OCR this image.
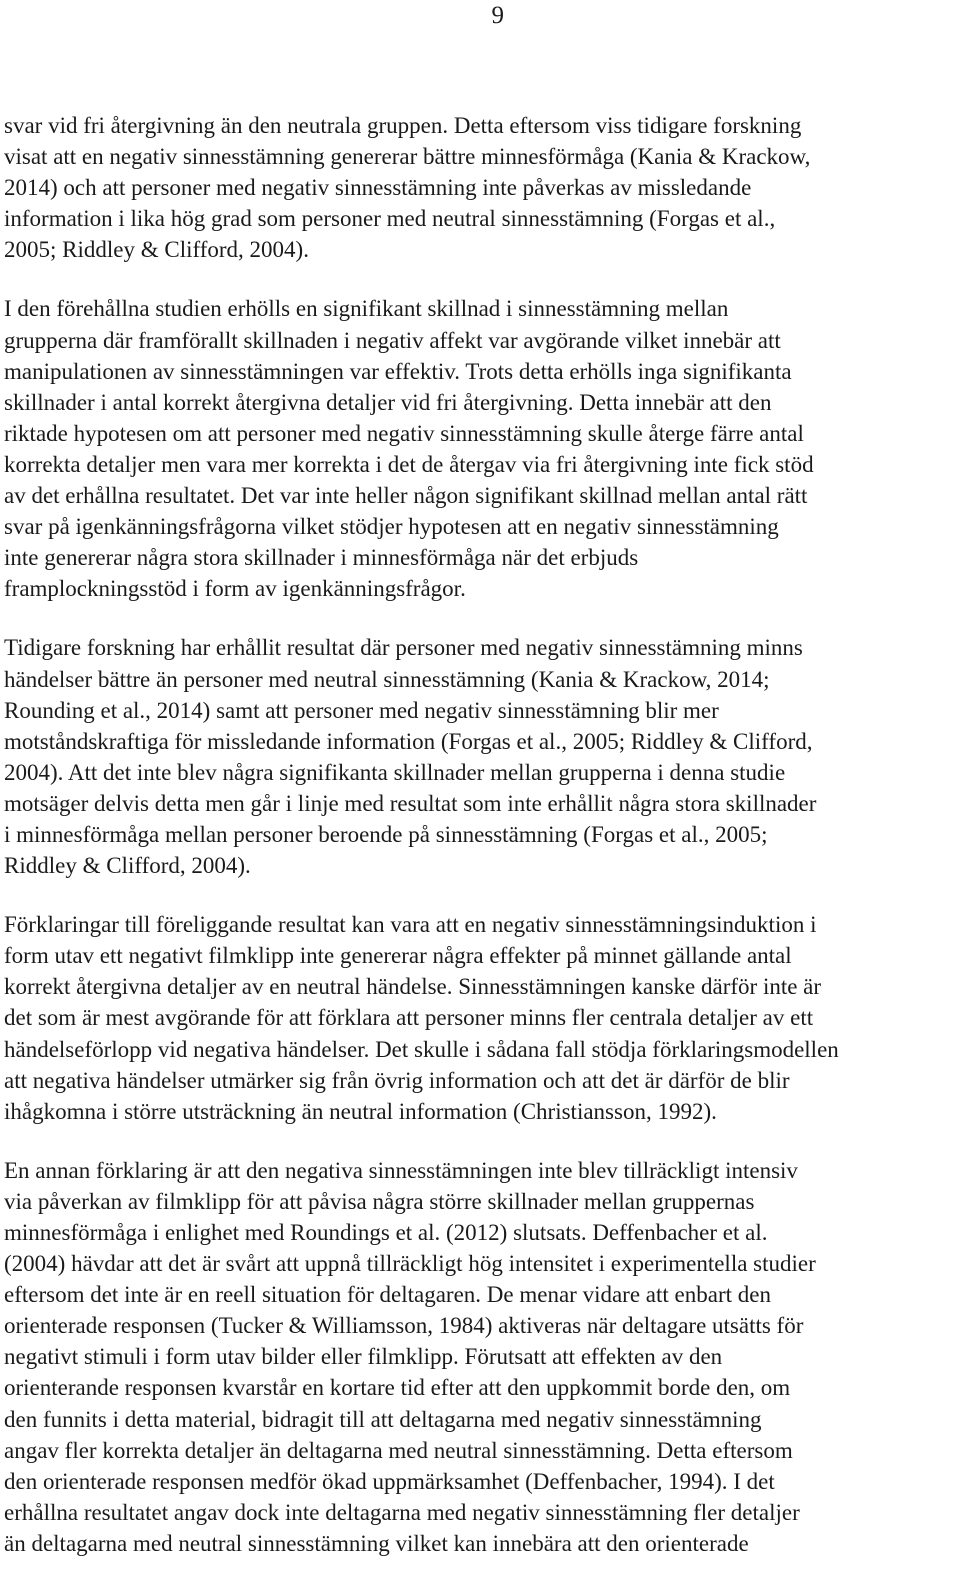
9

svar vid fri återgivning än den neutrala gruppen. Detta eftersom viss tidigare forskning
visat att en negativ sinnesstämning genererar bättre minnesförmåga (Kania & Krackow,
2014) och att personer med negativ sinnesstämning inte påverkas av missledande
information i lika hög grad som personer med neutral sinnesstämning (Forgas et al.,
2005; Riddley & Clifford, 2004).

I den förehållna studien erhölls en signifikant skillnad i sinnesstämning mellan
grupperna där framförallt skillnaden i negativ affekt var avgörande vilket innebär att
manipulationen av sinnesstämningen var effektiv. Trots detta erhölls inga signifikanta
skillnader i antal korrekt återgivna detaljer vid fri återgivning. Detta innebär att den
riktade hypotesen om att personer med negativ sinnesstämning skulle återge färre antal
korrekta detaljer men vara mer korrekta i det de återgav via fri återgivning inte fick stöd
av det erhållna resultatet. Det var inte heller någon signifikant skillnad mellan antal rätt
svar på igenkänningsfrågorna vilket stödjer hypotesen att en negativ sinnesstämning
inte genererar några stora skillnader i minnesförmåga när det erbjuds
framplockningsstöd i form av igenkänningsfrågor.

Tidigare forskning har erhållit resultat där personer med negativ sinnesstämning minns
händelser bättre än personer med neutral sinnesstämning (Kania & Krackow, 2014;
Rounding et al., 2014) samt att personer med negativ sinnesstämning blir mer
motståndskraftiga för missledande information (Forgas et al., 2005; Riddley & Clifford,
2004). Att det inte blev några signifikanta skillnader mellan grupperna i denna studie
motsäger delvis detta men går i linje med resultat som inte erhållit några stora skillnader
i minnesförmåga mellan personer beroende på sinnesstämning (Forgas et al., 2005;
Riddley & Clifford, 2004).

Förklaringar till föreliggande resultat kan vara att en negativ sinnesstämningsinduktion i
form utav ett negativt filmklipp inte genererar några effekter på minnet gällande antal
korrekt återgivna detaljer av en neutral händelse. Sinnesstämningen kanske därför inte är
det som är mest avgörande för att förklara att personer minns fler centrala detaljer av ett
händelseförlopp vid negativa händelser. Det skulle i sådana fall stödja förklaringsmodellen
att negativa händelser utmärker sig från övrig information och att det är därför de blir
ihågkomna i större utsträckning än neutral information (Christiansson, 1992).

En annan förklaring är att den negativa sinnesstämningen inte blev tillräckligt intensiv
via påverkan av filmklipp för att påvisa några större skillnader mellan gruppernas
minnesförmåga i enlighet med Roundings et al. (2012) slutsats. Deffenbacher et al.
(2004) hävdar att det är svårt att uppnå tillräckligt hög intensitet i experimentella studier
eftersom det inte är en reell situation för deltagaren. De menar vidare att enbart den
orienterade responsen (Tucker & Williamsson, 1984) aktiveras när deltagare utsätts för
negativt stimuli i form utav bilder eller filmklipp. Förutsatt att effekten av den
orienterande responsen kvarstår en kortare tid efter att den uppkommit borde den, om
den funnits i detta material, bidragit till att deltagarna med negativ sinnesstämning
angav fler korrekta detaljer än deltagarna med neutral sinnesstämning. Detta eftersom
den orienterade responsen medför ökad uppmärksamhet (Deffenbacher, 1994). I det
erhållna resultatet angav dock inte deltagarna med negativ sinnesstämning fler detaljer
än deltagarna med neutral sinnesstämning vilket kan innebära att den orienterade
